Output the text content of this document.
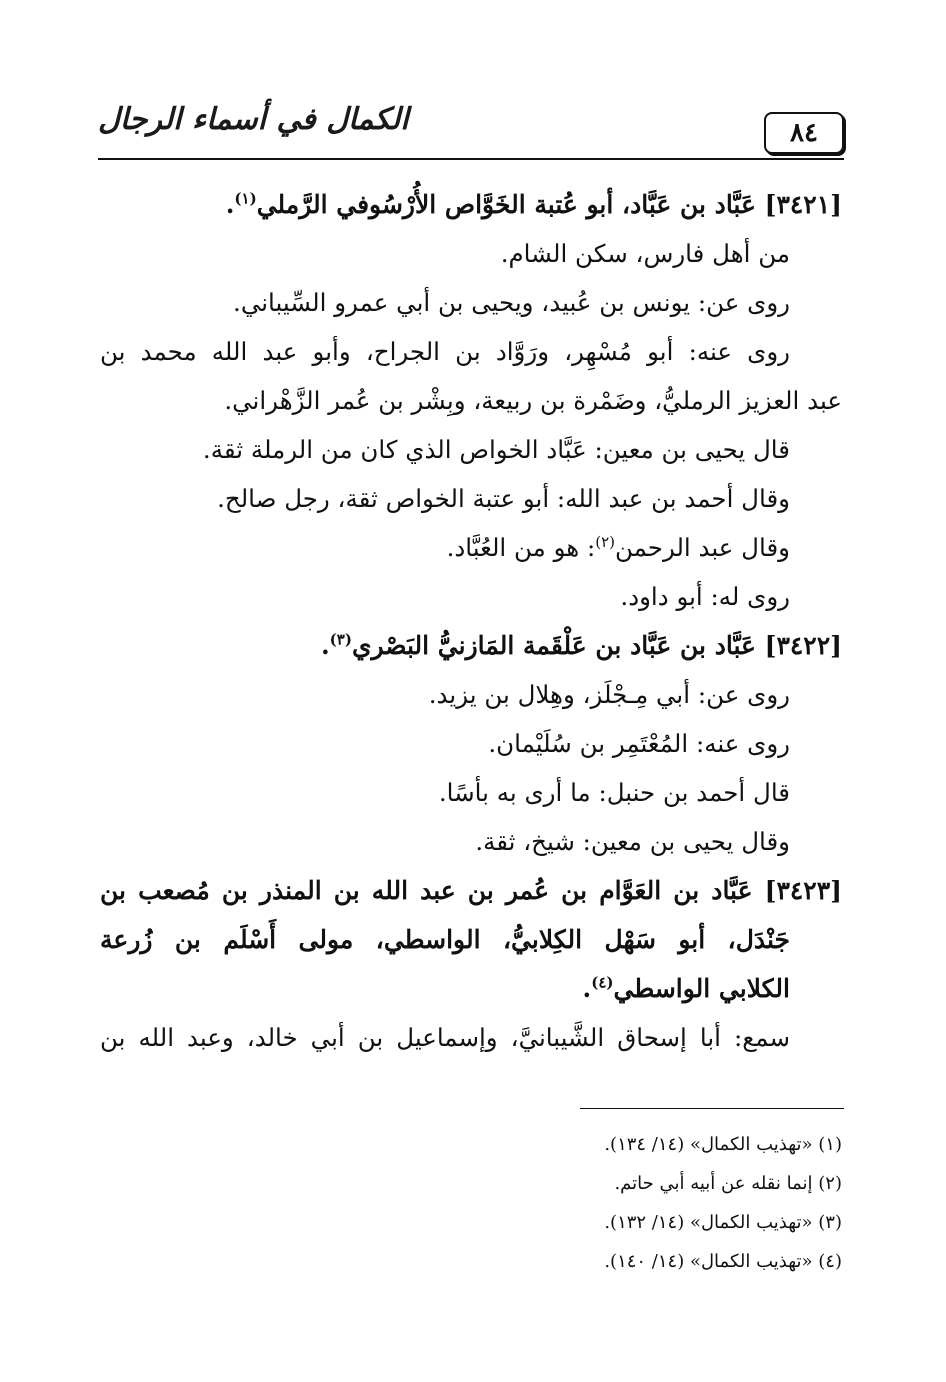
٨٤
الكمال في أسماء الرجال
[٣٤٢١] عَبَّاد بن عَبَّاد، أبو عُتبة الخَوَّاص الأُرْسُوفي الرَّملي$^{(١)}$.
من أهل فارس، سكن الشام.
روى عن: يونس بن عُبيد، ويحيى بن أبي عمرو السِّيباني.
روى عنه: أبو مُسْهِر، ورَوَّاد بن الجراح، وأبو عبد الله محمد بن
عبد العزيز الرمليُّ، وضَمْرة بن ربيعة، وبِشْر بن عُمر الزَّهْراني.
قال يحيى بن معين: عَبَّاد الخواص الذي كان من الرملة ثقة.
وقال أحمد بن عبد الله: أبو عتبة الخواص ثقة، رجل صالح.
وقال عبد الرحمن$^{(٢)}$: هو من العُبَّاد.
روى له: أبو داود.
[٣٤٢٢] عَبَّاد بن عَبَّاد بن عَلْقَمة المَازنيُّ البَصْري$^{(٣)}$.
روى عن: أبي مِـجْلَز، وهِلال بن يزيد.
روى عنه: المُعْتَمِر بن سُلَيْمان.
قال أحمد بن حنبل: ما أرى به بأسًا.
وقال يحيى بن معين: شيخ، ثقة.
[٣٤٢٣] عَبَّاد بن العَوَّام بن عُمر بن عبد الله بن المنذر بن مُصعب بن
جَنْدَل، أبو سَهْل الكِلابيُّ، الواسطي، مولى أَسْلَم بن زُرعة
الكلابي الواسطي$^{(٤)}$.
سمع: أبا إسحاق الشَّيبانيَّ، وإسماعيل بن أبي خالد، وعبد الله بن
(١) «تهذيب الكمال» (١٤/ ١٣٤).
(٢) إنما نقله عن أبيه أبي حاتم.
(٣) «تهذيب الكمال» (١٤/ ١٣٢).
(٤) «تهذيب الكمال» (١٤/ ١٤٠).
